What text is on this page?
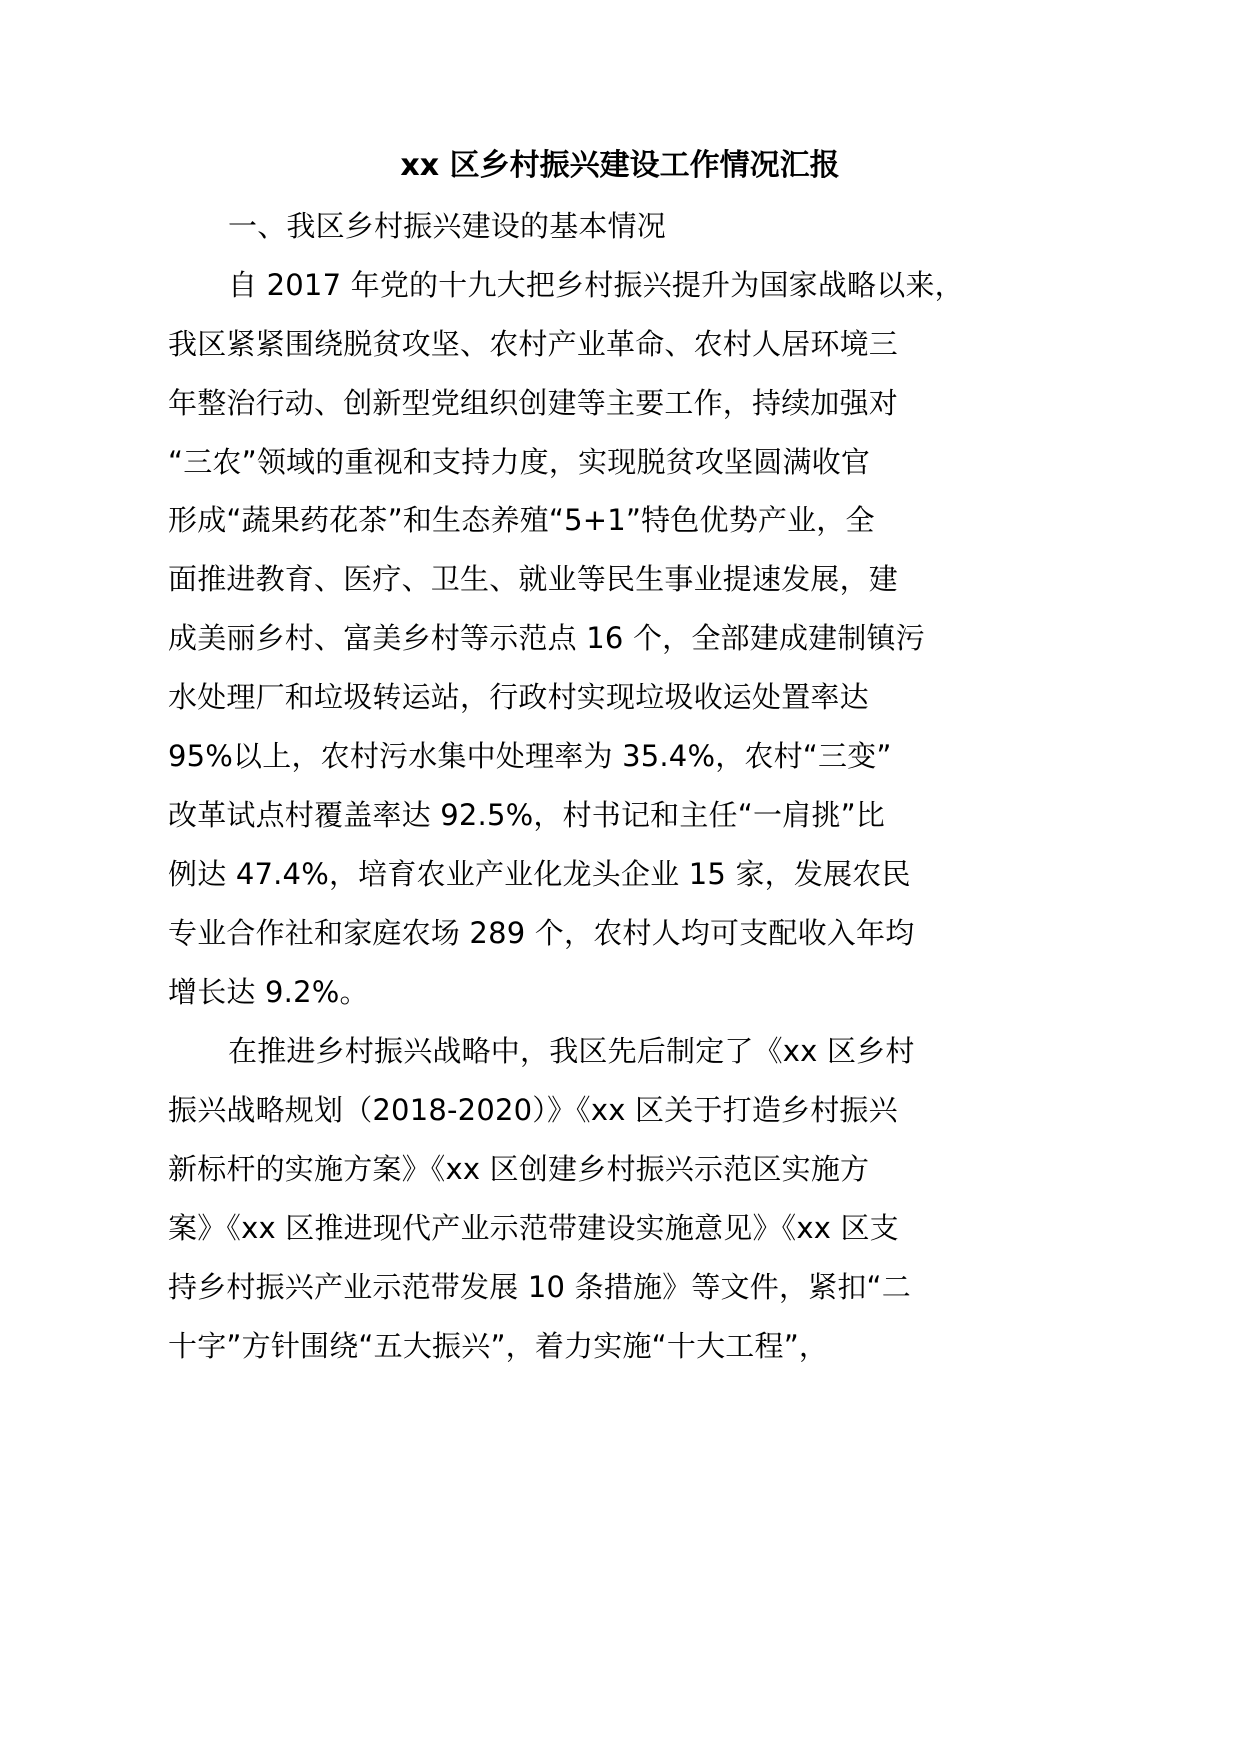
xx 区乡村振兴建设工作情况汇报
一、我区乡村振兴建设的基本情况
自 2017 年党的十九大把乡村振兴提升为国家战略以来，
我区紧紧围绕脱贫攻坚、农村产业革命、农村人居环境三
年整治行动、创新型党组织创建等主要工作，持续加强对
“三农”领域的重视和支持力度，实现脱贫攻坚圆满收官
形成“蔬果药花茶”和生态养殖“5+1”特色优势产业，全
面推进教育、医疗、卫生、就业等民生事业提速发展，建
成美丽乡村、富美乡村等示范点 16 个，全部建成建制镇污
水处理厂和垃圾转运站，行政村实现垃圾收运处置率达
95%以上，农村污水集中处理率为 35.4%，农村“三变”
改革试点村覆盖率达 92.5%，村书记和主任“一肩挑”比
例达 47.4%，培育农业产业化龙头企业 15 家，发展农民
专业合作社和家庭农场 289 个，农村人均可支配收入年均
增长达 9.2%。
在推进乡村振兴战略中，我区先后制定了《xx 区乡村
振兴战略规划（2018-2020）》《xx 区关于打造乡村振兴
新标杆的实施方案》《xx 区创建乡村振兴示范区实施方
案》《xx 区推进现代产业示范带建设实施意见》《xx 区支
持乡村振兴产业示范带发展 10 条措施》等文件，紧扣“二
十字”方针围绕“五大振兴”，着力实施“十大工程”，
